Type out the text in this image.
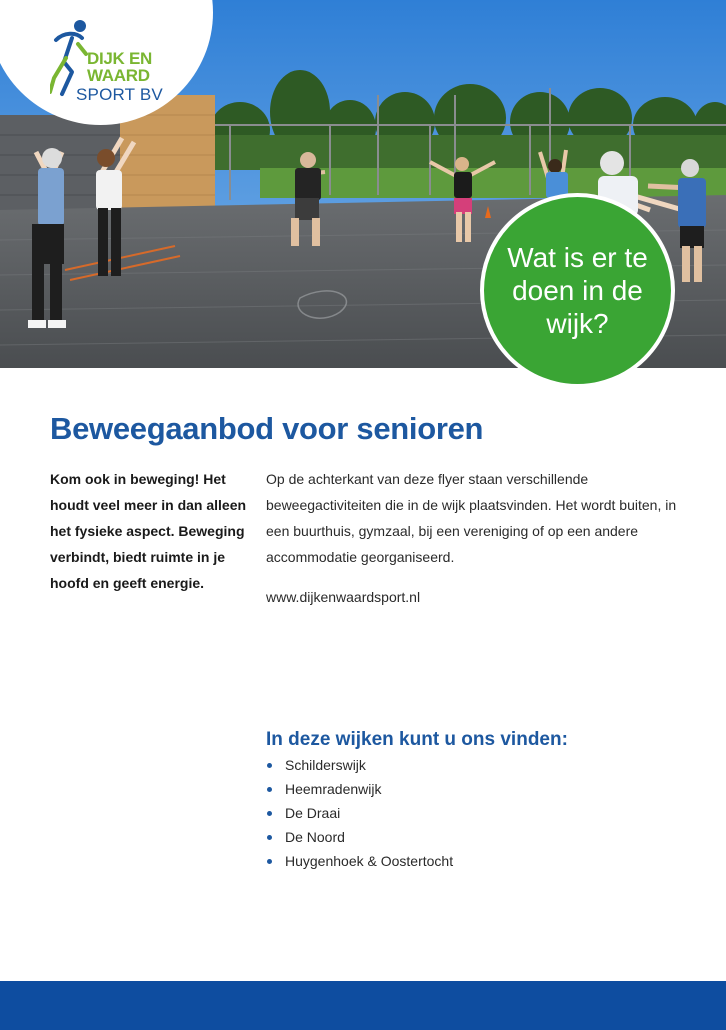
DIJK EN
WAARD
SPORT BV
Wat is er te doen in de wijk?
Beweegaanbod voor senioren

Kom ook in beweging! Het houdt veel meer in dan alleen het fysieke aspect. Beweging verbindt, biedt ruimte in je hoofd en geeft energie.

Op de achterkant van deze flyer staan verschillende beweegactiviteiten die in de wijk plaatsvinden. Het wordt buiten, in een buurthuis, gymzaal, bij een vereniging of op een andere accommodatie georganiseerd.

www.dijkenwaardsport.nl

In deze wijken kunt u ons vinden:
Schilderswijk
Heemradenwijk
De Draai
De Noord
Huygenhoek & Oostertocht
